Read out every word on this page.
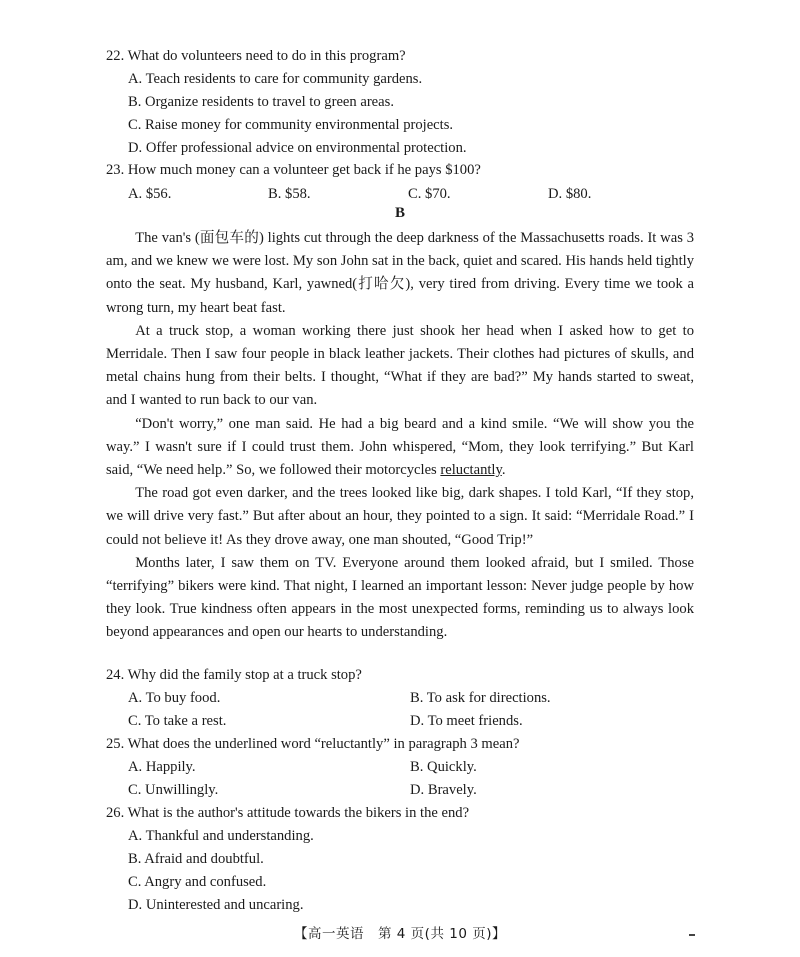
22. What do volunteers need to do in this program?
A. Teach residents to care for community gardens.
B. Organize residents to travel to green areas.
C. Raise money for community environmental projects.
D. Offer professional advice on environmental protection.
23. How much money can a volunteer get back if he pays $100?
A. $56.	B. $58.	C. $70.	D. $80.
B

The van's (面包车的) lights cut through the deep darkness of the Massachusetts roads. It was 3 am, and we knew we were lost. My son John sat in the back, quiet and scared. His hands held tightly onto the seat. My husband, Karl, yawned(打哈欠), very tired from driving. Every time we took a wrong turn, my heart beat fast.

At a truck stop, a woman working there just shook her head when I asked how to get to Merridale. Then I saw four people in black leather jackets. Their clothes had pictures of skulls, and metal chains hung from their belts. I thought, “What if they are bad?” My hands started to sweat, and I wanted to run back to our van.

“Don't worry,” one man said. He had a big beard and a kind smile. “We will show you the way.” I wasn't sure if I could trust them. John whispered, “Mom, they look terrifying.” But Karl said, “We need help.” So, we followed their motorcycles reluctantly.

The road got even darker, and the trees looked like big, dark shapes. I told Karl, “If they stop, we will drive very fast.” But after about an hour, they pointed to a sign. It said: “Merridale Road.” I could not believe it! As they drove away, one man shouted, “Good Trip!”

Months later, I saw them on TV. Everyone around them looked afraid, but I smiled. Those “terrifying” bikers were kind. That night, I learned an important lesson: Never judge people by how they look. True kindness often appears in the most unexpected forms, reminding us to always look beyond appearances and open our hearts to understanding.

24. Why did the family stop at a truck stop?
A. To buy food.	B. To ask for directions.
C. To take a rest.	D. To meet friends.
25. What does the underlined word “reluctantly” in paragraph 3 mean?
A. Happily.	B. Quickly.
C. Unwillingly.	D. Bravely.
26. What is the author's attitude towards the bikers in the end?
A. Thankful and understanding.
B. Afraid and doubtful.
C. Angry and confused.
D. Uninterested and uncaring.
【高一英语　第 4 页(共 10 页)】
